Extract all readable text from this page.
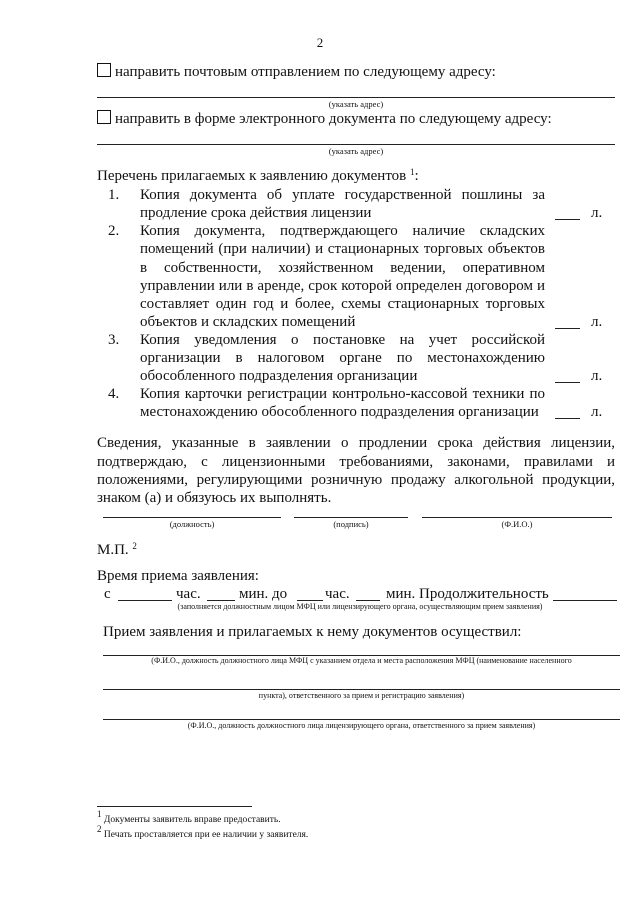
2
направить почтовым отправлением по следующему адресу:
(указать адрес)
направить в форме электронного документа по следующему адресу:
(указать адрес)
Перечень прилагаемых к заявлению документов $^1$:
1. Копия документа об уплате государственной пошлины за
продление срока действия лицензии	л.
2. Копия документа, подтверждающего наличие складских
помещений (при наличии) и стационарных торговых объектов
в собственности, хозяйственном ведении, оперативном
управлении или в аренде, срок которой определен договором и
составляет один год и более, схемы стационарных торговых
объектов и складских помещений	л.
3. Копия уведомления о постановке на учет российской
организации в налоговом органе по местонахождению
обособленного подразделения организации	л.
4. Копия карточки регистрации контрольно-кассовой техники по
местонахождению обособленного подразделения организации	л.
Сведения, указанные в заявлении о продлении срока действия лицензии,
подтверждаю, с лицензионными требованиями, законами, правилами и
положениями, регулирующими розничную продажу алкогольной продукции,
знаком (а) и обязуюсь их выполнять.
(должность)	(подпись)	(Ф.И.О.)
М.П. $^2$
Время приема заявления:
с	час.	мин. до	час. мин. Продолжительность
(заполняется должностным лицом МФЦ или лицензирующего органа, осуществляющим прием заявления)
Прием заявления и прилагаемых к нему документов осуществил:
(Ф.И.О., должность должностного лица МФЦ с указанием отдела и места расположения МФЦ (наименование населенного
пункта), ответственного за прием и регистрацию заявления)
(Ф.И.О., должность должностного лица лицензирующего органа, ответственного за прием заявления)
$^1$ Документы заявитель вправе предоставить.
$^2$ Печать проставляется при ее наличии у заявителя.
